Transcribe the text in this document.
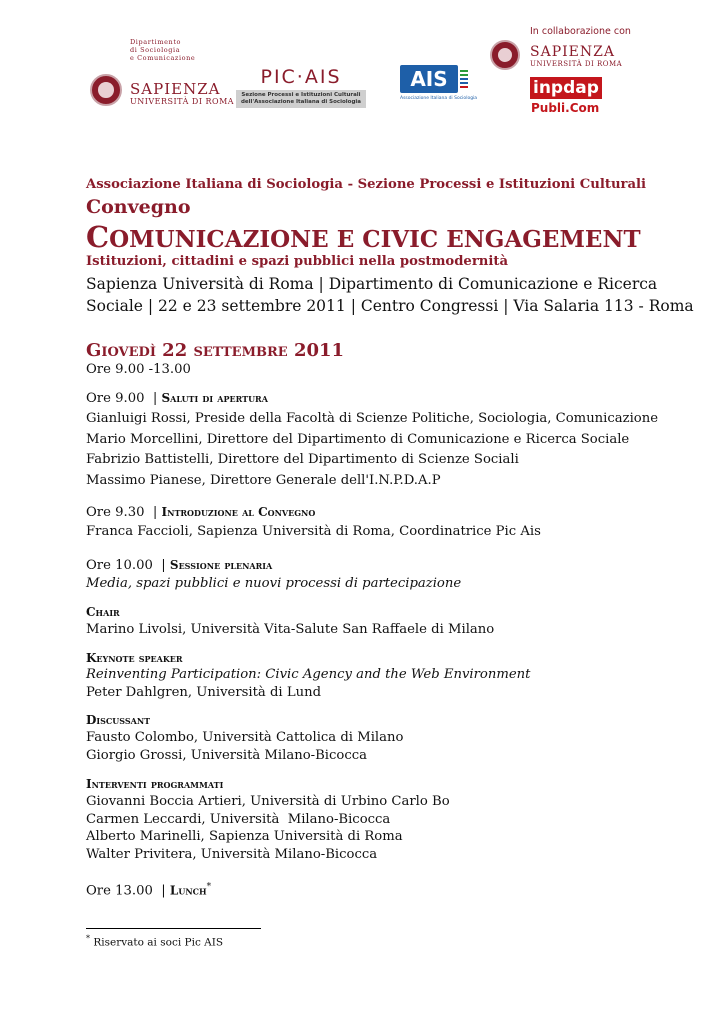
Dipartimento
di Sociologia
e Comunicazione
SAPIENZA
UNIVERSITÀ DI ROMA
PIC·AIS
Sezione Processi e Istituzioni Culturali
dell'Associazione Italiana di Sociologia
AIS
Associazione Italiana di Sociologia
In collaborazione con
SAPIENZA
UNIVERSITÀ DI ROMA
inpdap
Publi.Com
Associazione Italiana di Sociologia - Sezione Processi e Istituzioni Culturali
Convegno
COMUNICAZIONE E CIVIC ENGAGEMENT
Istituzioni, cittadini e spazi pubblici nella postmodernità
Sapienza Università di Roma | Dipartimento di Comunicazione e Ricerca
Sociale | 22 e 23 settembre 2011 | Centro Congressi | Via Salaria 113 - Roma
Giovedì 22 settembre 2011
Ore 9.00 -13.00
Ore 9.00  | Saluti di apertura
Gianluigi Rossi, Preside della Facoltà di Scienze Politiche, Sociologia, Comunicazione
Mario Morcellini, Direttore del Dipartimento di Comunicazione e Ricerca Sociale
Fabrizio Battistelli, Direttore del Dipartimento di Scienze Sociali
Massimo Pianese, Direttore Generale dell'I.N.P.D.A.P
Ore 9.30  | Introduzione al Convegno
Franca Faccioli, Sapienza Università di Roma, Coordinatrice Pic Ais
Ore 10.00  | Sessione plenaria
Media, spazi pubblici e nuovi processi di partecipazione
Chair
Marino Livolsi, Università Vita-Salute San Raffaele di Milano
Keynote speaker
Reinventing Participation: Civic Agency and the Web Environment
Peter Dahlgren, Università di Lund
Discussant
Fausto Colombo, Università Cattolica di Milano
Giorgio Grossi, Università Milano-Bicocca
Interventi programmati
Giovanni Boccia Artieri, Università di Urbino Carlo Bo
Carmen Leccardi, Università  Milano-Bicocca
Alberto Marinelli, Sapienza Università di Roma
Walter Privitera, Università Milano-Bicocca
Ore 13.00  | Lunch*
* Riservato ai soci Pic AIS
